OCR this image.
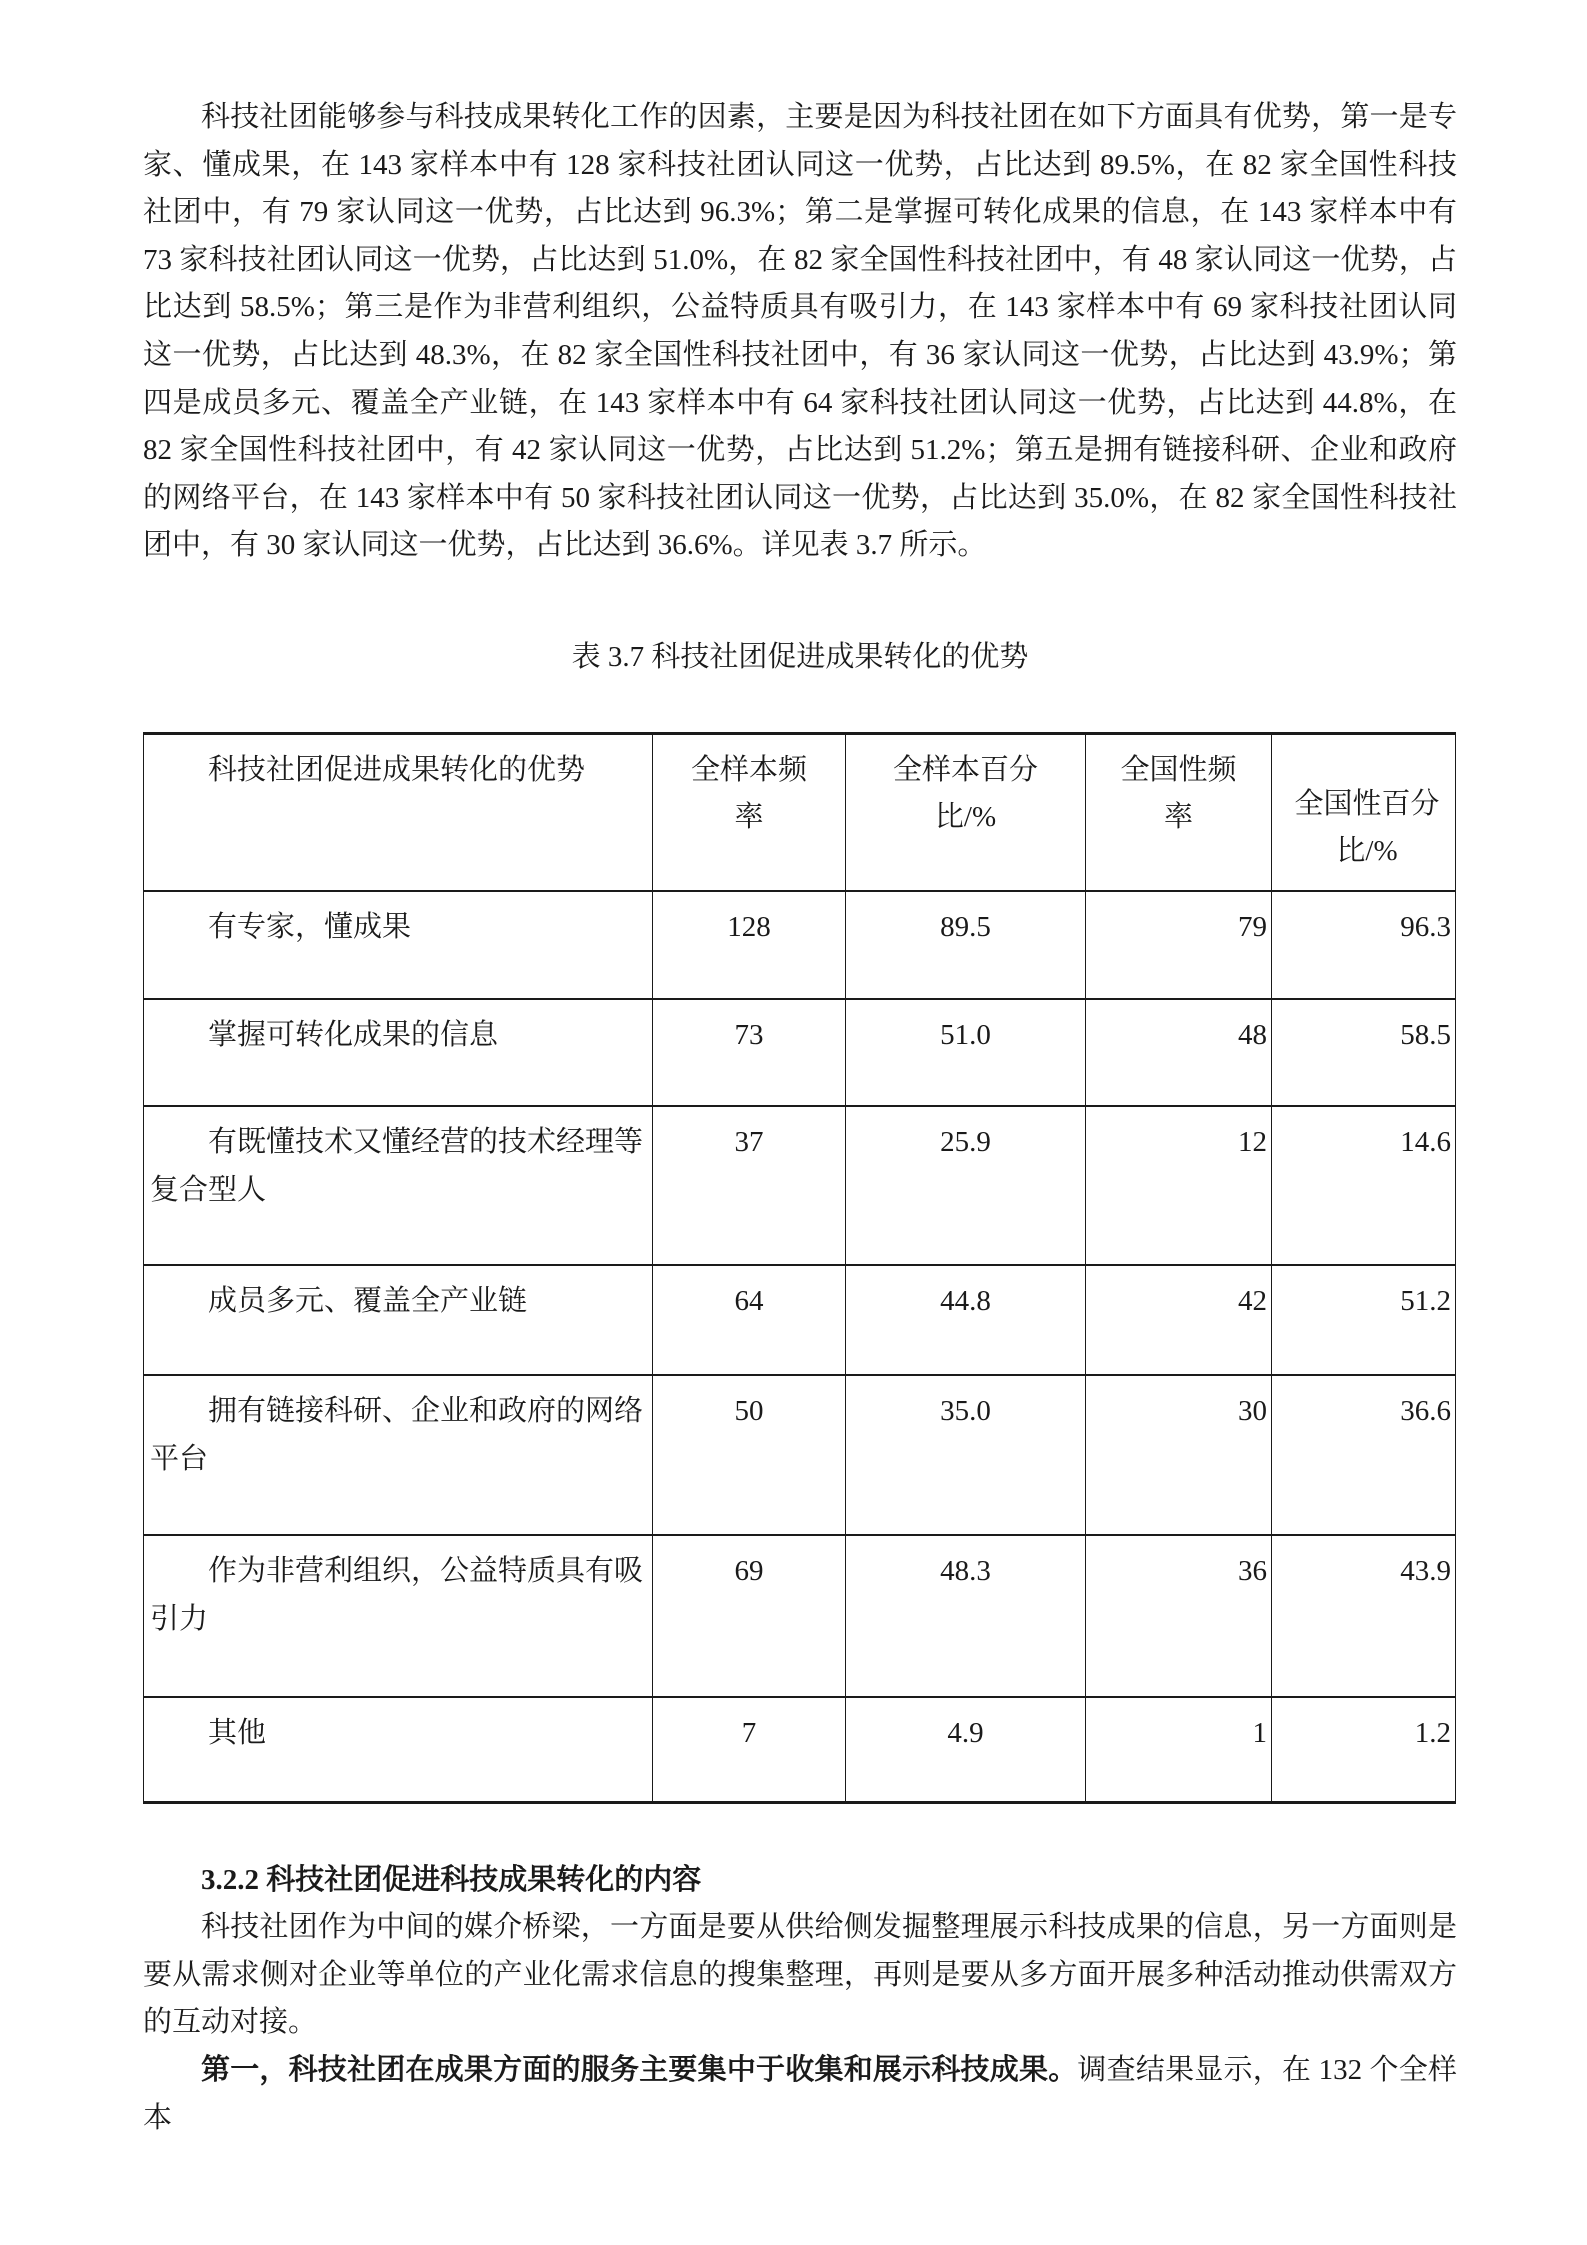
科技社团能够参与科技成果转化工作的因素，主要是因为科技社团在如下方面具有优势，第一是专家、懂成果，在 143 家样本中有 128 家科技社团认同这一优势，占比达到 89.5%，在 82 家全国性科技社团中，有 79 家认同这一优势，占比达到 96.3%；第二是掌握可转化成果的信息，在 143 家样本中有 73 家科技社团认同这一优势，占比达到 51.0%，在 82 家全国性科技社团中，有 48 家认同这一优势，占比达到 58.5%；第三是作为非营利组织，公益特质具有吸引力，在 143 家样本中有 69 家科技社团认同这一优势，占比达到 48.3%，在 82 家全国性科技社团中，有 36 家认同这一优势，占比达到 43.9%；第四是成员多元、覆盖全产业链，在 143 家样本中有 64 家科技社团认同这一优势，占比达到 44.8%，在 82 家全国性科技社团中，有 42 家认同这一优势，占比达到 51.2%；第五是拥有链接科研、企业和政府的网络平台，在 143 家样本中有 50 家科技社团认同这一优势，占比达到 35.0%，在 82 家全国性科技社团中，有 30 家认同这一优势，占比达到 36.6%。详见表 3.7 所示。

表 3.7 科技社团促进成果转化的优势

科技社团促进成果转化的优势	全样本频率	全样本百分比/%	全国性频率	全国性百分比/%
有专家，懂成果	128	89.5	79	96.3
掌握可转化成果的信息	73	51.0	48	58.5
有既懂技术又懂经营的技术经理等复合型人	37	25.9	12	14.6
成员多元、覆盖全产业链	64	44.8	42	51.2
拥有链接科研、企业和政府的网络平台	50	35.0	30	36.6
作为非营利组织，公益特质具有吸引力	69	48.3	36	43.9
其他	7	4.9	1	1.2
3.2.2 科技社团促进科技成果转化的内容

科技社团作为中间的媒介桥梁，一方面是要从供给侧发掘整理展示科技成果的信息，另一方面则是要从需求侧对企业等单位的产业化需求信息的搜集整理，再则是要从多方面开展多种活动推动供需双方的互动对接。

第一，科技社团在成果方面的服务主要集中于收集和展示科技成果。调查结果显示，在 132 个全样本
